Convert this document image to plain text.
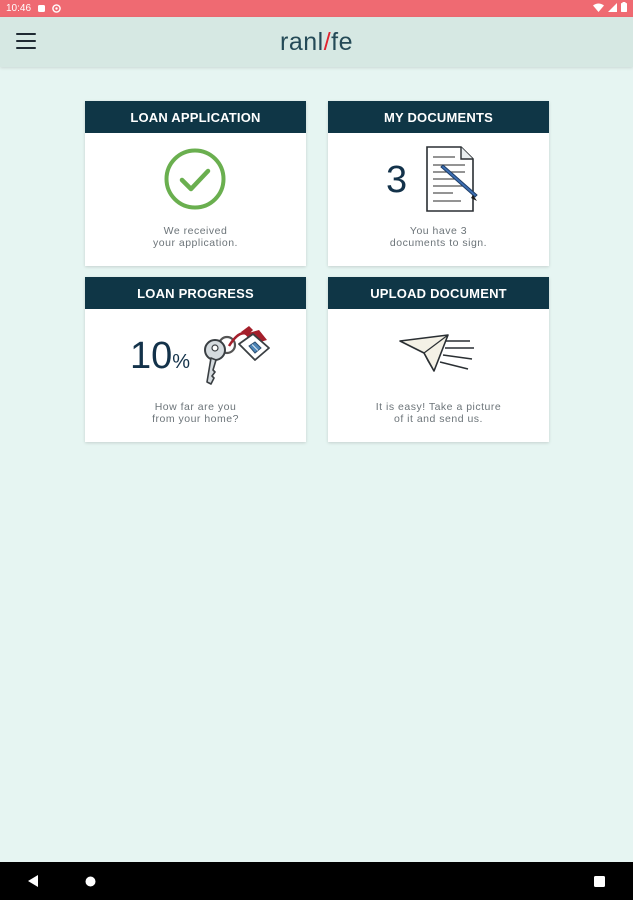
10:46
ranl/fe
LOAN APPLICATION
We received
your application.
MY DOCUMENTS
3
You have 3
documents to sign.
LOAN PROGRESS
10%
How far are you
from your home?
UPLOAD DOCUMENT
It is easy! Take a picture
of it and send us.
